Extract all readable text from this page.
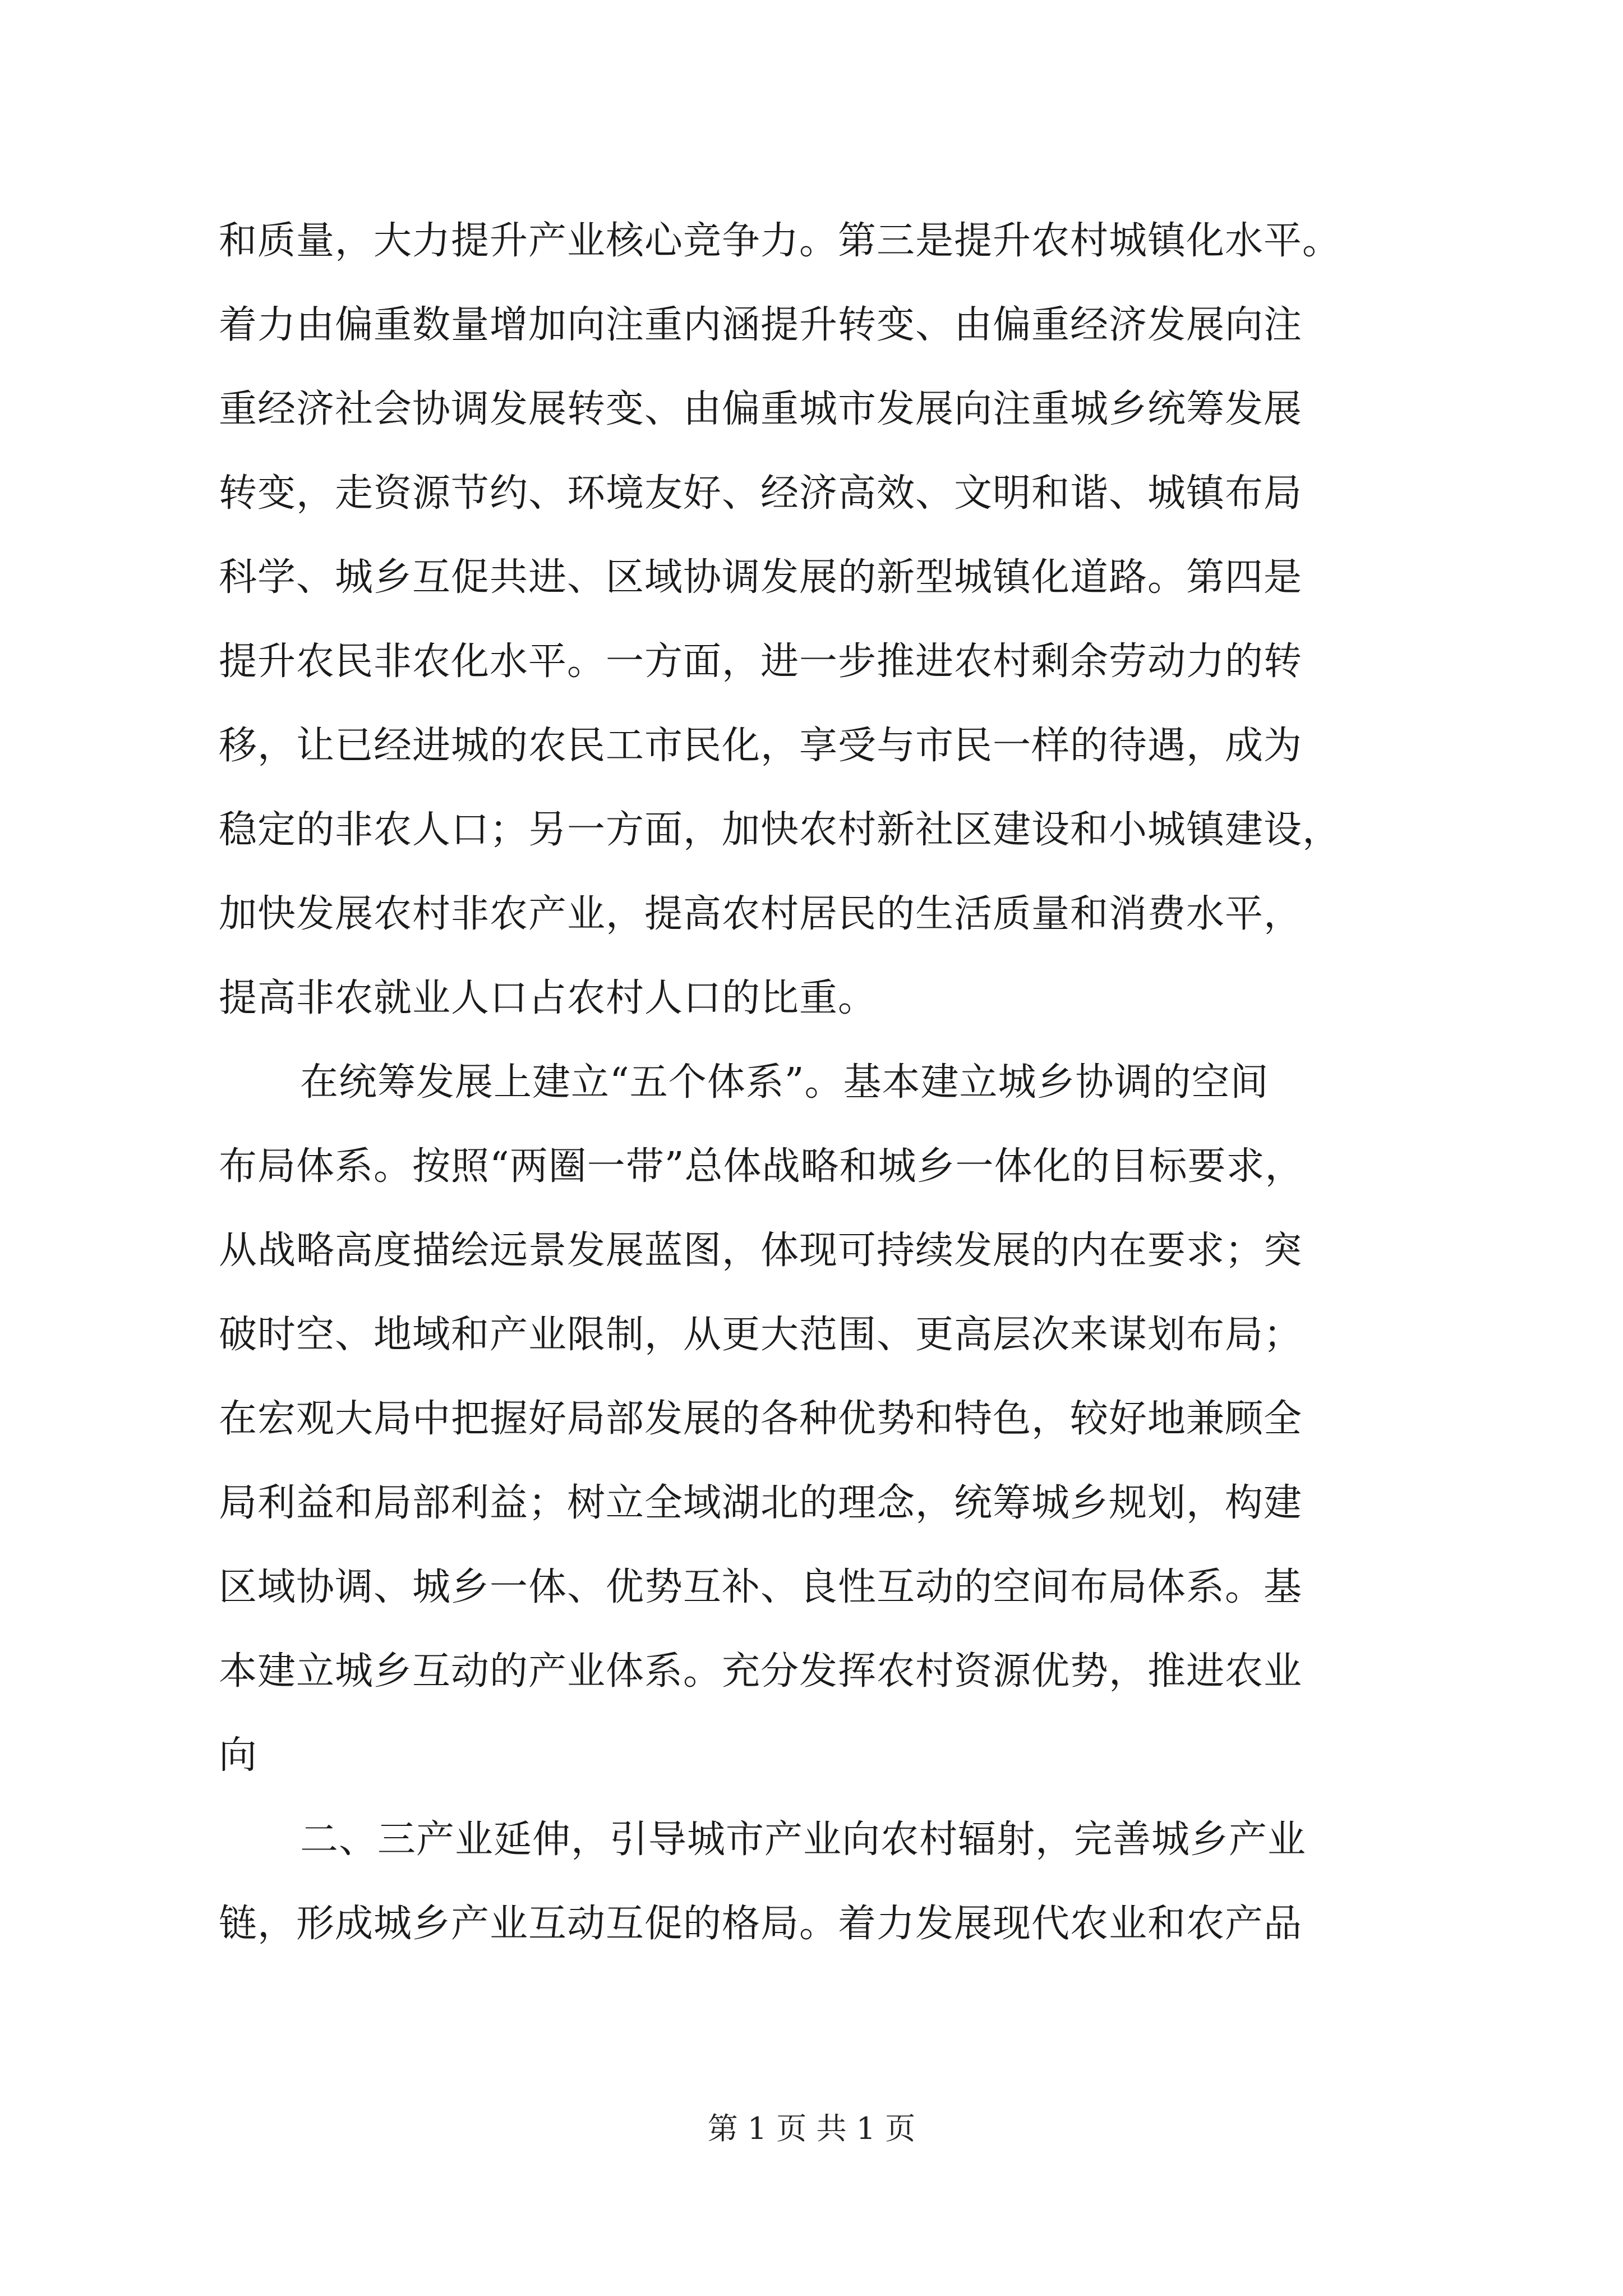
和质量，大力提升产业核心竞争力。第三是提升农村城镇化水平。
着力由偏重数量增加向注重内涵提升转变、由偏重经济发展向注
重经济社会协调发展转变、由偏重城市发展向注重城乡统筹发展
转变，走资源节约、环境友好、经济高效、文明和谐、城镇布局
科学、城乡互促共进、区域协调发展的新型城镇化道路。第四是
提升农民非农化水平。一方面，进一步推进农村剩余劳动力的转
移，让已经进城的农民工市民化，享受与市民一样的待遇，成为
稳定的非农人口；另一方面，加快农村新社区建设和小城镇建设，
加快发展农村非农产业，提高农村居民的生活质量和消费水平，
提高非农就业人口占农村人口的比重。
在统筹发展上建立“五个体系”。基本建立城乡协调的空间
布局体系。按照“两圈一带”总体战略和城乡一体化的目标要求，
从战略高度描绘远景发展蓝图，体现可持续发展的内在要求；突
破时空、地域和产业限制，从更大范围、更高层次来谋划布局；
在宏观大局中把握好局部发展的各种优势和特色，较好地兼顾全
局利益和局部利益；树立全域湖北的理念，统筹城乡规划，构建
区域协调、城乡一体、优势互补、良性互动的空间布局体系。基
本建立城乡互动的产业体系。充分发挥农村资源优势，推进农业
向
二、三产业延伸，引导城市产业向农村辐射，完善城乡产业
链，形成城乡产业互动互促的格局。着力发展现代农业和农产品
第 1 页 共 1 页
